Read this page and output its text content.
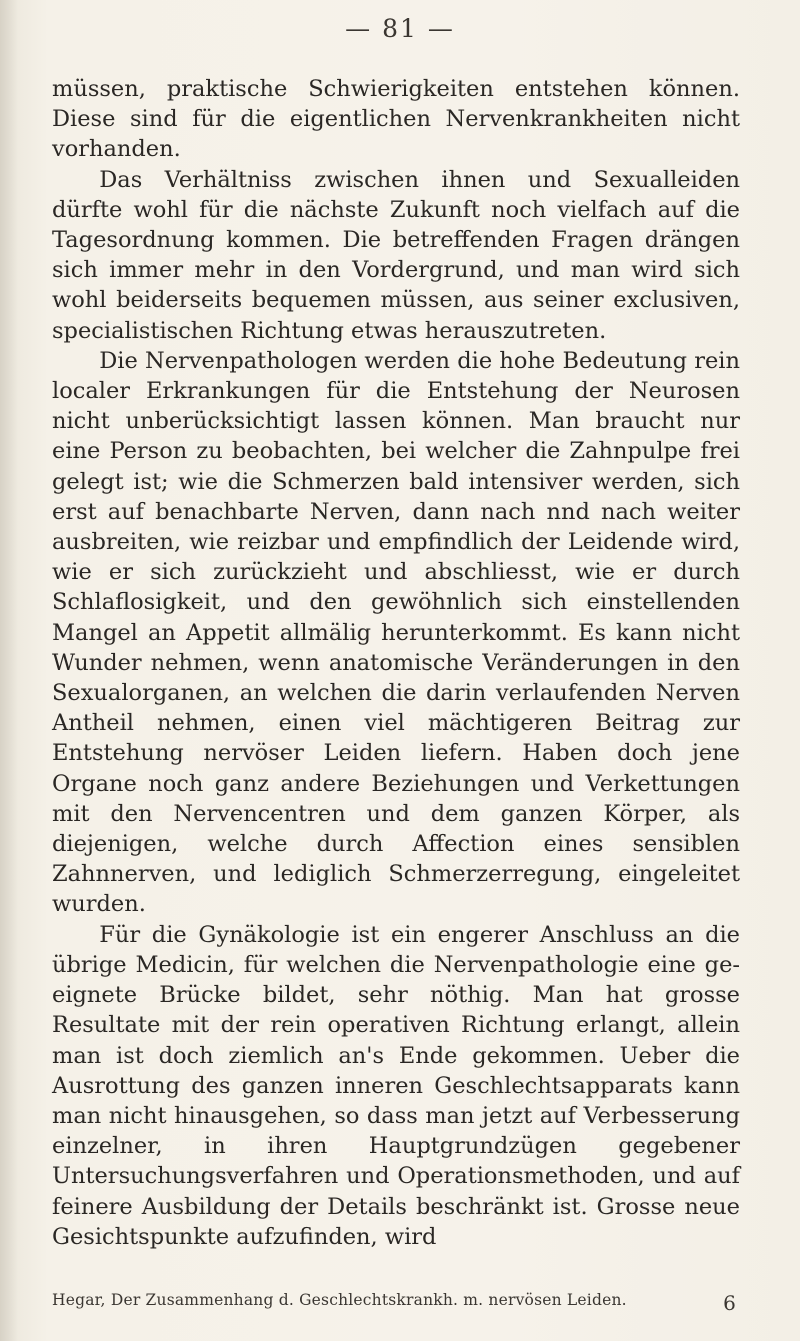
— 81 —

müssen, praktische Schwierigkeiten entstehen können. Diese sind für die eigentlichen Nervenkrankheiten nicht vorhanden.

Das Verhältniss zwischen ihnen und Sexualleiden dürfte wohl für die nächste Zukunft noch vielfach auf die Tagesordnung kommen. Die betreffenden Fragen drängen sich immer mehr in den Vordergrund, und man wird sich wohl beiderseits bequemen müssen, aus seiner exclusiven, specialistischen Richtung etwas herauszutreten.

Die Nervenpathologen werden die hohe Bedeutung rein localer Erkrankungen für die Entstehung der Neurosen nicht unberücksichtigt lassen können. Man braucht nur eine Person zu beobachten, bei welcher die Zahnpulpe frei gelegt ist; wie die Schmerzen bald intensiver werden, sich erst auf benachbarte Nerven, dann nach nnd nach weiter ausbreiten, wie reizbar und empfindlich der Leidende wird, wie er sich zurückzieht und abschliesst, wie er durch Schlaflosigkeit, und den gewöhnlich sich einstellenden Mangel an Appetit allmälig herunterkommt. Es kann nicht Wunder nehmen, wenn anatomische Veränderungen in den Sexualorganen, an welchen die darin verlaufenden Nerven Antheil nehmen, einen viel mächtigeren Beitrag zur Entstehung nervöser Leiden liefern. Haben doch jene Organe noch ganz andere Beziehungen und Verkettungen mit den Nervencentren und dem ganzen Körper, als diejenigen, welche durch Affection eines sensiblen Zahnnerven, und lediglich Schmerzerregung, eingeleitet wurden.

Für die Gynäkologie ist ein engerer Anschluss an die übrige Medicin, für welchen die Nervenpathologie eine geeignete Brücke bildet, sehr nöthig. Man hat grosse Resultate mit der rein operativen Richtung erlangt, allein man ist doch ziemlich an's Ende gekommen. Ueber die Ausrottung des ganzen inneren Geschlechtsapparats kann man nicht hinausgehen, so dass man jetzt auf Verbesserung einzelner, in ihren Hauptgrundzügen gegebener Untersuchungsverfahren und Operationsmethoden, und auf feinere Ausbildung der Details beschränkt ist. Grosse neue Gesichtspunkte aufzufinden, wird

Hegar, Der Zusammenhang d. Geschlechtskrankh. m. nervösen Leiden.	6
